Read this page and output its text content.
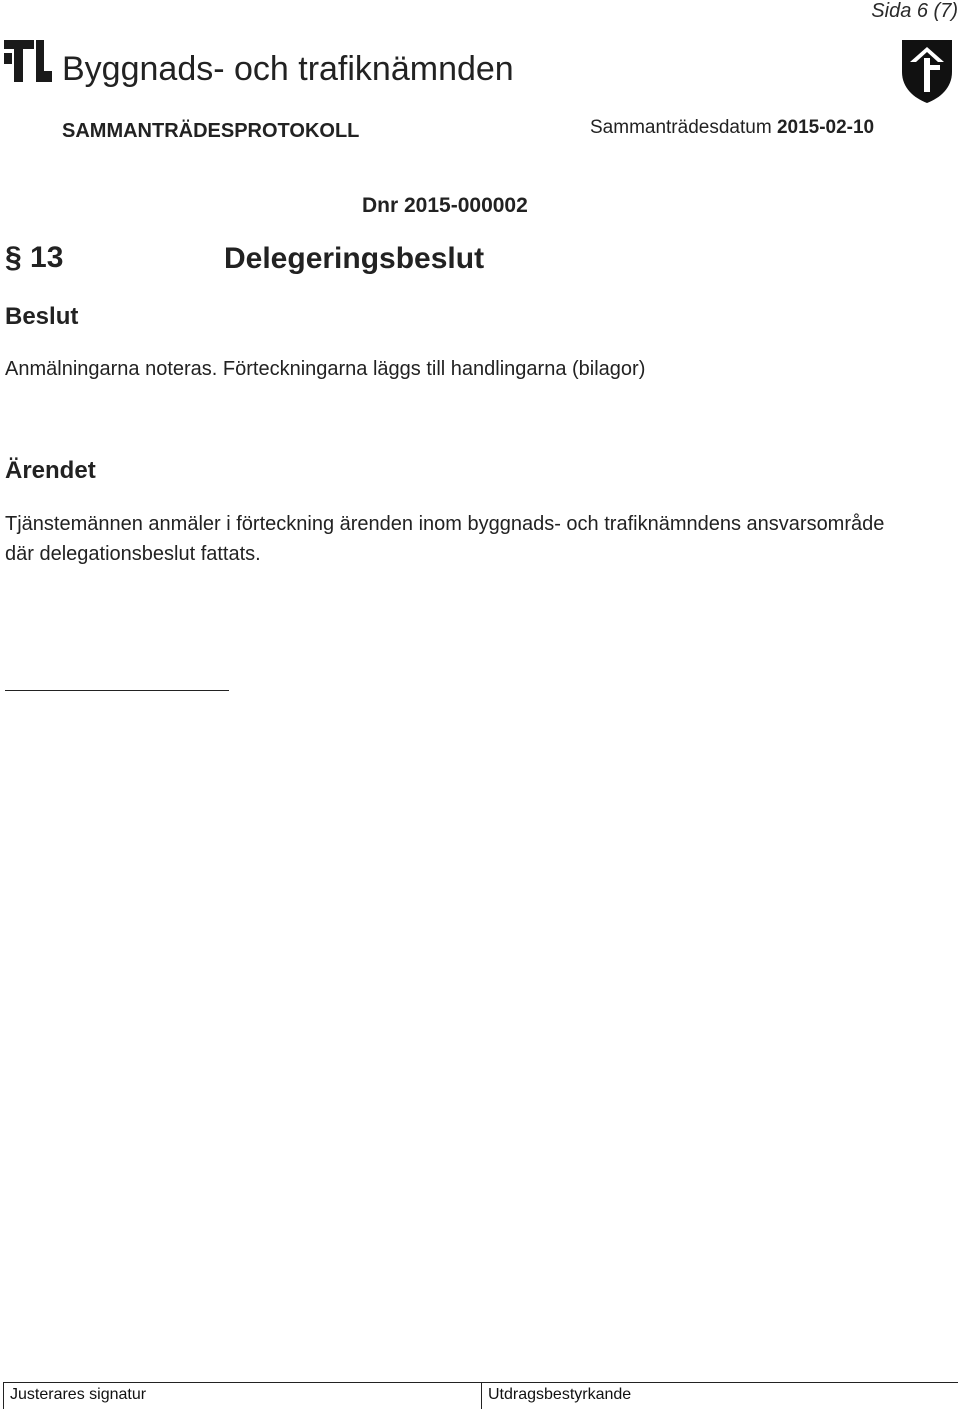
Sida 6 (7)
Byggnads- och trafiknämnden
SAMMANTRÄDESPROTOKOLL	Sammanträdesdatum 2015-02-10
Dnr 2015-000002
§ 13	Delegeringsbeslut
Beslut
Anmälningarna noteras. Förteckningarna läggs till handlingarna (bilagor)
Ärendet
Tjänstemännen anmäler i förteckning ärenden inom byggnads- och trafiknämndens ansvarsområde där delegationsbeslut fattats.
Justerares signatur	Utdragsbestyrkande
